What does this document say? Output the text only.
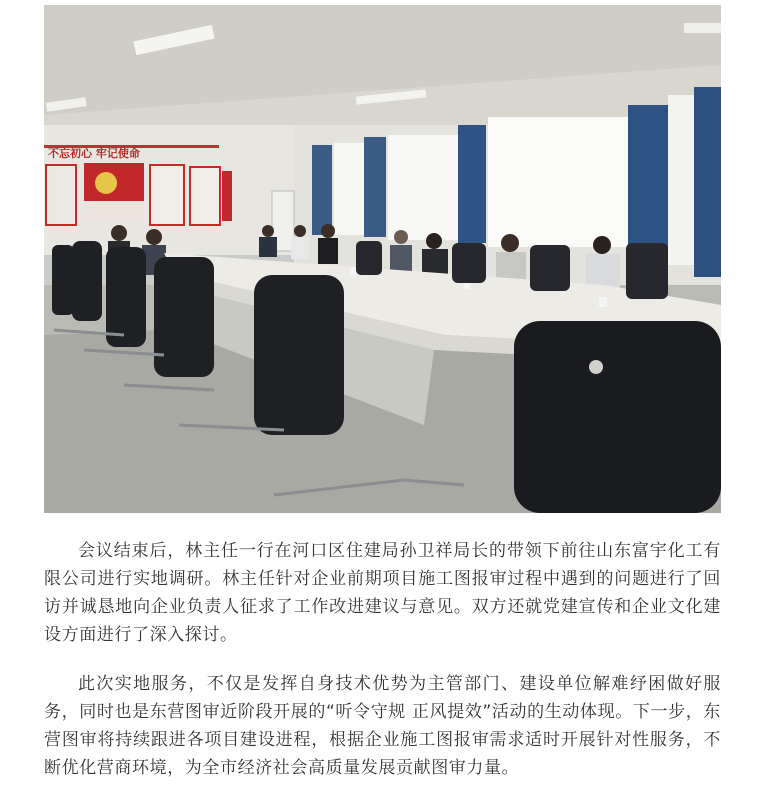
不忘初心 牢记使命

会议结束后，林主任一行在河口区住建局孙卫祥局长的带领下前往山东富宇化工有限公司进行实地调研。林主任针对企业前期项目施工图报审过程中遇到的问题进行了回访并诚恳地向企业负责人征求了工作改进建议与意见。双方还就党建宣传和企业文化建设方面进行了深入探讨。

此次实地服务，不仅是发挥自身技术优势为主管部门、建设单位解难纾困做好服务，同时也是东营图审近阶段开展的“听令守规 正风提效”活动的生动体现。下一步，东营图审将持续跟进各项目建设进程，根据企业施工图报审需求适时开展针对性服务，不断优化营商环境，为全市经济社会高质量发展贡献图审力量。
